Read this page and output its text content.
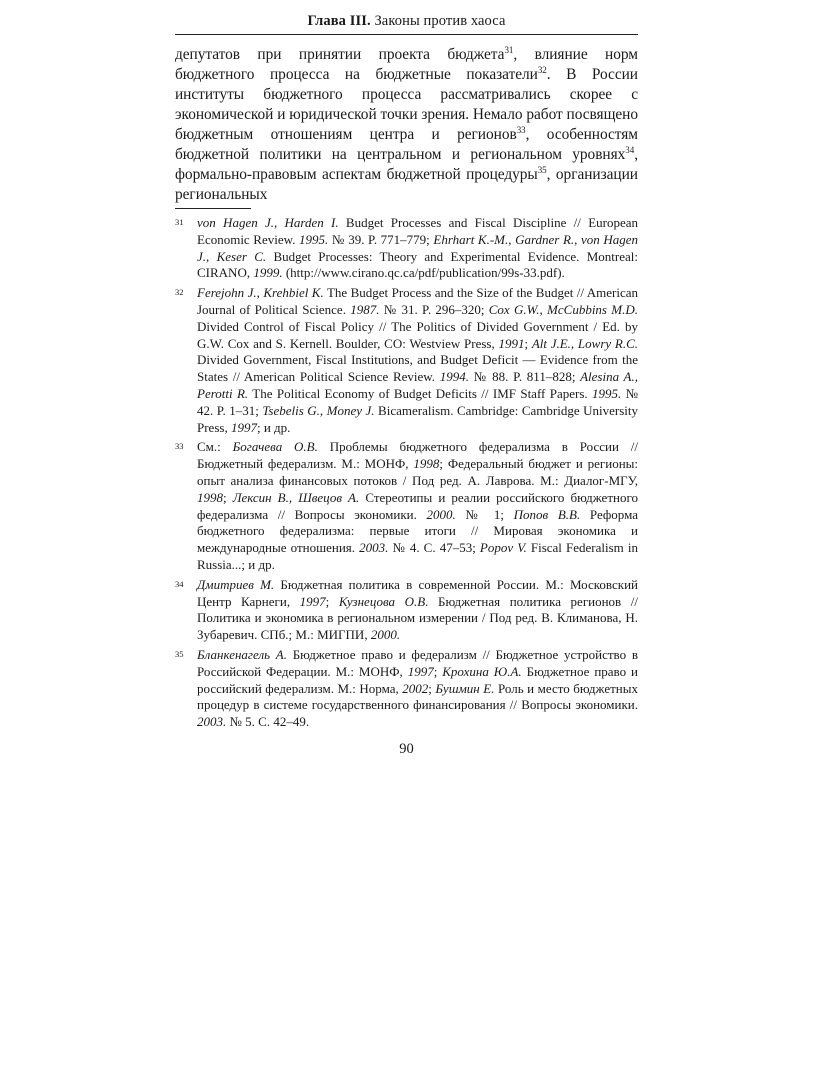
Глава III. Законы против хаоса
депутатов при принятии проекта бюджета$^{31}$, влияние норм бюджетного процесса на бюджетные показатели$^{32}$. В России институты бюджетного процесса рассматривались скорее с экономической и юридической точки зрения. Немало работ посвящено бюджетным отношениям центра и регионов$^{33}$, особенностям бюджетной политики на центральном и региональном уровнях$^{34}$, формально-правовым аспектам бюджетной процедуры$^{35}$, организации региональных
31	von Hagen J., Harden I. Budget Processes and Fiscal Discipline // European Economic Review. 1995. № 39. P. 771–779; Ehrhart K.-M., Gardner R., von Hagen J., Keser C. Budget Processes: Theory and Experimental Evidence. Montreal: CIRANO, 1999. (http://www.cirano.qc.ca/pdf/publication/99s-33.pdf).
32	Ferejohn J., Krehbiel K. The Budget Process and the Size of the Budget // American Journal of Political Science. 1987. № 31. P. 296–320; Cox G.W., McCubbins M.D. Divided Control of Fiscal Policy // The Politics of Divided Government / Ed. by G.W. Cox and S. Kernell. Boulder, CO: Westview Press, 1991; Alt J.E., Lowry R.C. Divided Government, Fiscal Institutions, and Budget Deficit — Evidence from the States // American Political Science Review. 1994. № 88. P. 811–828; Alesina A., Perotti R. The Political Economy of Budget Deficits // IMF Staff Papers. 1995. № 42. P. 1–31; Tsebelis G., Money J. Bicameralism. Cambridge: Cambridge University Press, 1997; и др.
33	См.: Богачева О.В. Проблемы бюджетного федерализма в России // Бюджетный федерализм. М.: МОНФ, 1998; Федеральный бюджет и регионы: опыт анализа финансовых потоков / Под ред. А. Лаврова. М.: Диалог-МГУ, 1998; Лексин В., Швецов А. Стереотипы и реалии российского бюджетного федерализма // Вопросы экономики. 2000. № 1; Попов В.В. Реформа бюджетного федерализма: первые итоги // Мировая экономика и международные отношения. 2003. № 4. С. 47–53; Popov V. Fiscal Federalism in Russia...; и др.
34	Дмитриев М. Бюджетная политика в современной России. М.: Московский Центр Карнеги, 1997; Кузнецова О.В. Бюджетная политика регионов // Политика и экономика в региональном измерении / Под ред. В. Климанова, Н. Зубаревич. СПб.; М.: МИГПИ, 2000.
35	Бланкенагель А. Бюджетное право и федерализм // Бюджетное устройство в Российской Федерации. М.: МОНФ, 1997; Крохина Ю.А. Бюджетное право и российский федерализм. М.: Норма, 2002; Бушмин Е. Роль и место бюджетных процедур в системе государственного финансирования // Вопросы экономики. 2003. № 5. С. 42–49.
90
